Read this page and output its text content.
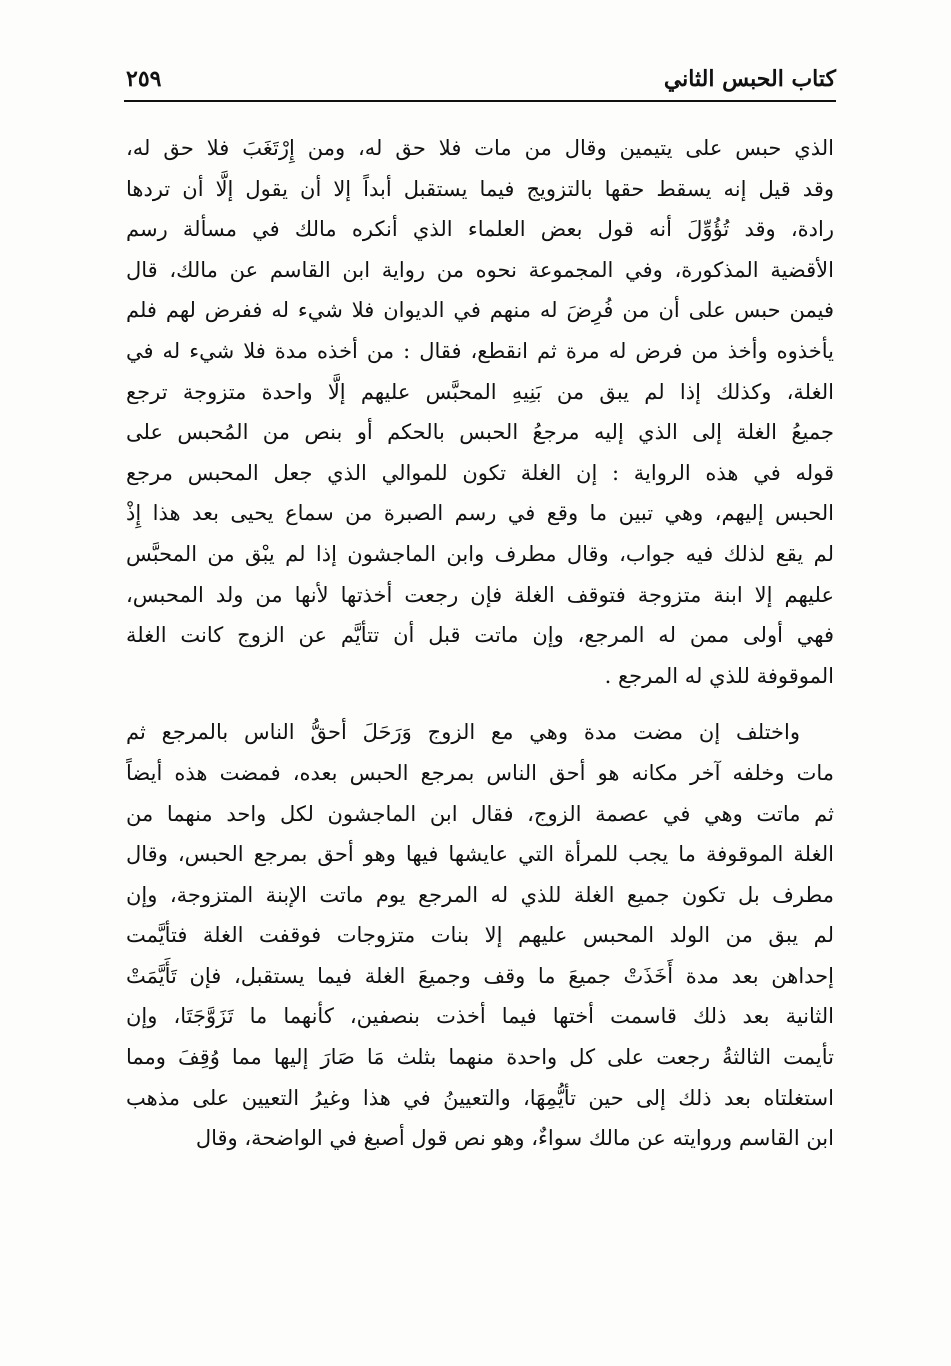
كتاب الحبس الثاني
٢٥٩
الذي حبس على يتيمين وقال من مات فلا حق له، ومن إِرْتَغَبَ فلا حق له،
وقد قيل إنه يسقط حقها بالتزويج فيما يستقبل أبداً إلا أن يقول إلَّا أن تردها
رادة، وقد تُؤُوِّلَ أنه قول بعض العلماء الذي أنكره مالك في مسألة رسم
الأقضية المذكورة، وفي المجموعة نحوه من رواية ابن القاسم عن مالك، قال
فيمن حبس على أن من فُرِضَ له منهم في الديوان فلا شيء له ففرض لهم فلم
يأخذوه وأخذ من فرض له مرة ثم انقطع، فقال : من أخذه مدة فلا شيء له في
الغلة، وكذلك إذا لم يبق من بَنِيهِ المحبَّس عليهم إلَّا واحدة متزوجة ترجع
جميعُ الغلة إلى الذي إليه مرجعُ الحبس بالحكم أو بنص من المُحبس على
قوله في هذه الرواية : إن الغلة تكون للموالي الذي جعل المحبس مرجع
الحبس إليهم، وهي تبين ما وقع في رسم الصبرة من سماع يحيى بعد هذا إِذْ
لم يقع لذلك فيه جواب، وقال مطرف وابن الماجشون إذا لم يبْق من المحبَّس
عليهم إلا ابنة متزوجة فتوقف الغلة فإن رجعت أخذتها لأنها من ولد المحبس،
فهي أولى ممن له المرجع، وإن ماتت قبل أن تتأيَّم عن الزوج كانت الغلة
الموقوفة للذي له المرجع .
واختلف إن مضت مدة وهي مع الزوج وَرَحَلَ أحقُّ الناس بالمرجع ثم
مات وخلفه آخر مكانه هو أحق الناس بمرجع الحبس بعده، فمضت هذه أيضاً
ثم ماتت وهي في عصمة الزوج، فقال ابن الماجشون لكل واحد منهما من
الغلة الموقوفة ما يجب للمرأة التي عايشها فيها وهو أحق بمرجع الحبس، وقال
مطرف بل تكون جميع الغلة للذي له المرجع يوم ماتت الإبنة المتزوجة، وإن
لم يبق من الولد المحبس عليهم إلا بنات متزوجات فوقفت الغلة فتأيَّمت
إحداهن بعد مدة أَخَذَتْ جميعَ ما وقف وجميعَ الغلة فيما يستقبل، فإن تَأَيَّمَتْ
الثانية بعد ذلك قاسمت أختها فيما أخذت بنصفين، كأنهما ما تَزَوَّجَتَا، وإن
تأيمت الثالثةُ رجعت على كل واحدة منهما بثلث مَا صَارَ إليها مما وُقِفَ ومما
استغلتاه بعد ذلك إلى حين تأيُّمِهَا، والتعيينُ في هذا وغيرُ التعيين على مذهب
ابن القاسم وروايته عن مالك سواءٌ، وهو نص قول أصبغ في الواضحة، وقال
